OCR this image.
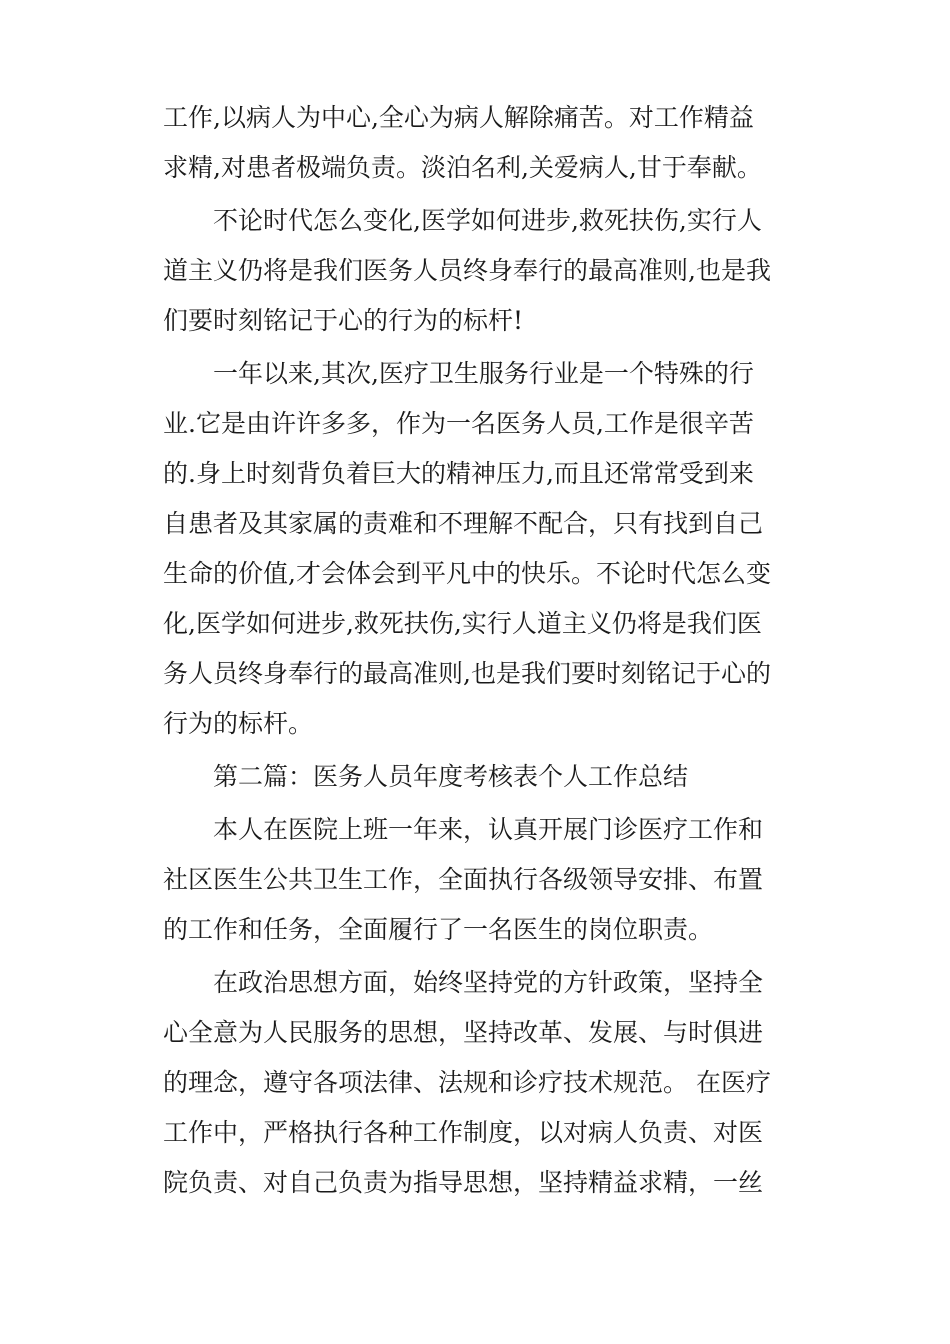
工作,以病人为中心,全心为病人解除痛苦。对工作精益
求精,对患者极端负责。淡泊名利,关爱病人,甘于奉献。
不论时代怎么变化,医学如何进步,救死扶伤,实行人
道主义仍将是我们医务人员终身奉行的最高准则,也是我
们要时刻铭记于心的行为的标杆!
一年以来,其次,医疗卫生服务行业是一个特殊的行
业.它是由许许多多，作为一名医务人员,工作是很辛苦
的.身上时刻背负着巨大的精神压力,而且还常常受到来
自患者及其家属的责难和不理解不配合，只有找到自己
生命的价值,才会体会到平凡中的快乐。不论时代怎么变
化,医学如何进步,救死扶伤,实行人道主义仍将是我们医
务人员终身奉行的最高准则,也是我们要时刻铭记于心的
行为的标杆。
第二篇：医务人员年度考核表个人工作总结
本人在医院上班一年来，认真开展门诊医疗工作和
社区医生公共卫生工作，全面执行各级领导安排、布置
的工作和任务，全面履行了一名医生的岗位职责。
在政治思想方面，始终坚持党的方针政策，坚持全
心全意为人民服务的思想，坚持改革、发展、与时俱进
的理念，遵守各项法律、法规和诊疗技术规范。 在医疗
工作中，严格执行各种工作制度，以对病人负责、对医
院负责、对自己负责为指导思想，坚持精益求精，一丝
